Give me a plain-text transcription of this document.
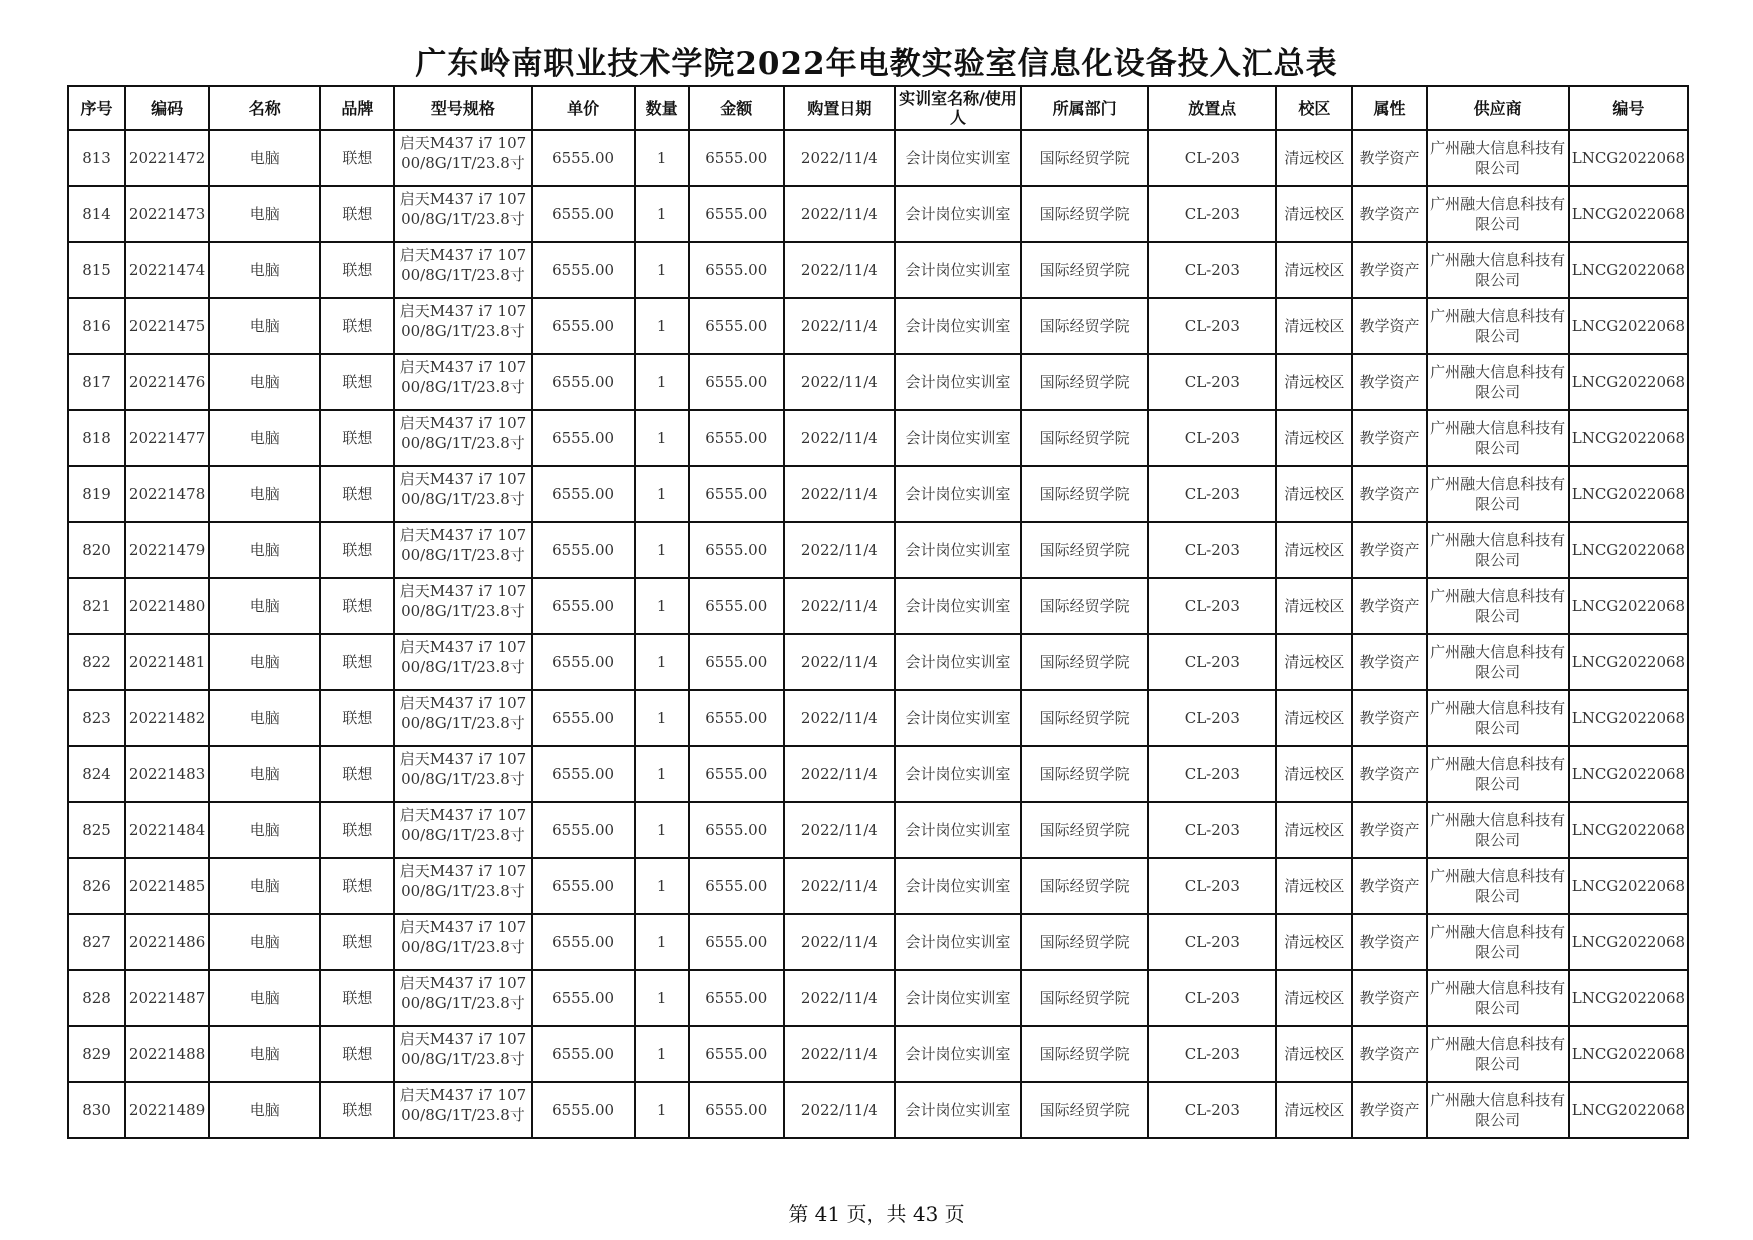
广东岭南职业技术学院2022年电教实验室信息化设备投入汇总表
序号	编码	名称	品牌	型号规格	单价	数量	金额	购置日期	实训室名称/使用人	所属部门	放置点	校区	属性	供应商	编号
813	20221472	电脑	联想	启天M437 i7 10700/8G/1T/23.8寸	6555.00	1	6555.00	2022/11/4	会计岗位实训室	国际经贸学院	CL-203	清远校区	教学资产	广州融大信息科技有限公司	LNCG2022068
814	20221473	电脑	联想	启天M437 i7 10700/8G/1T/23.8寸	6555.00	1	6555.00	2022/11/4	会计岗位实训室	国际经贸学院	CL-203	清远校区	教学资产	广州融大信息科技有限公司	LNCG2022068
815	20221474	电脑	联想	启天M437 i7 10700/8G/1T/23.8寸	6555.00	1	6555.00	2022/11/4	会计岗位实训室	国际经贸学院	CL-203	清远校区	教学资产	广州融大信息科技有限公司	LNCG2022068
816	20221475	电脑	联想	启天M437 i7 10700/8G/1T/23.8寸	6555.00	1	6555.00	2022/11/4	会计岗位实训室	国际经贸学院	CL-203	清远校区	教学资产	广州融大信息科技有限公司	LNCG2022068
817	20221476	电脑	联想	启天M437 i7 10700/8G/1T/23.8寸	6555.00	1	6555.00	2022/11/4	会计岗位实训室	国际经贸学院	CL-203	清远校区	教学资产	广州融大信息科技有限公司	LNCG2022068
818	20221477	电脑	联想	启天M437 i7 10700/8G/1T/23.8寸	6555.00	1	6555.00	2022/11/4	会计岗位实训室	国际经贸学院	CL-203	清远校区	教学资产	广州融大信息科技有限公司	LNCG2022068
819	20221478	电脑	联想	启天M437 i7 10700/8G/1T/23.8寸	6555.00	1	6555.00	2022/11/4	会计岗位实训室	国际经贸学院	CL-203	清远校区	教学资产	广州融大信息科技有限公司	LNCG2022068
820	20221479	电脑	联想	启天M437 i7 10700/8G/1T/23.8寸	6555.00	1	6555.00	2022/11/4	会计岗位实训室	国际经贸学院	CL-203	清远校区	教学资产	广州融大信息科技有限公司	LNCG2022068
821	20221480	电脑	联想	启天M437 i7 10700/8G/1T/23.8寸	6555.00	1	6555.00	2022/11/4	会计岗位实训室	国际经贸学院	CL-203	清远校区	教学资产	广州融大信息科技有限公司	LNCG2022068
822	20221481	电脑	联想	启天M437 i7 10700/8G/1T/23.8寸	6555.00	1	6555.00	2022/11/4	会计岗位实训室	国际经贸学院	CL-203	清远校区	教学资产	广州融大信息科技有限公司	LNCG2022068
823	20221482	电脑	联想	启天M437 i7 10700/8G/1T/23.8寸	6555.00	1	6555.00	2022/11/4	会计岗位实训室	国际经贸学院	CL-203	清远校区	教学资产	广州融大信息科技有限公司	LNCG2022068
824	20221483	电脑	联想	启天M437 i7 10700/8G/1T/23.8寸	6555.00	1	6555.00	2022/11/4	会计岗位实训室	国际经贸学院	CL-203	清远校区	教学资产	广州融大信息科技有限公司	LNCG2022068
825	20221484	电脑	联想	启天M437 i7 10700/8G/1T/23.8寸	6555.00	1	6555.00	2022/11/4	会计岗位实训室	国际经贸学院	CL-203	清远校区	教学资产	广州融大信息科技有限公司	LNCG2022068
826	20221485	电脑	联想	启天M437 i7 10700/8G/1T/23.8寸	6555.00	1	6555.00	2022/11/4	会计岗位实训室	国际经贸学院	CL-203	清远校区	教学资产	广州融大信息科技有限公司	LNCG2022068
827	20221486	电脑	联想	启天M437 i7 10700/8G/1T/23.8寸	6555.00	1	6555.00	2022/11/4	会计岗位实训室	国际经贸学院	CL-203	清远校区	教学资产	广州融大信息科技有限公司	LNCG2022068
828	20221487	电脑	联想	启天M437 i7 10700/8G/1T/23.8寸	6555.00	1	6555.00	2022/11/4	会计岗位实训室	国际经贸学院	CL-203	清远校区	教学资产	广州融大信息科技有限公司	LNCG2022068
829	20221488	电脑	联想	启天M437 i7 10700/8G/1T/23.8寸	6555.00	1	6555.00	2022/11/4	会计岗位实训室	国际经贸学院	CL-203	清远校区	教学资产	广州融大信息科技有限公司	LNCG2022068
830	20221489	电脑	联想	启天M437 i7 10700/8G/1T/23.8寸	6555.00	1	6555.00	2022/11/4	会计岗位实训室	国际经贸学院	CL-203	清远校区	教学资产	广州融大信息科技有限公司	LNCG2022068
第 41 页，共 43 页
